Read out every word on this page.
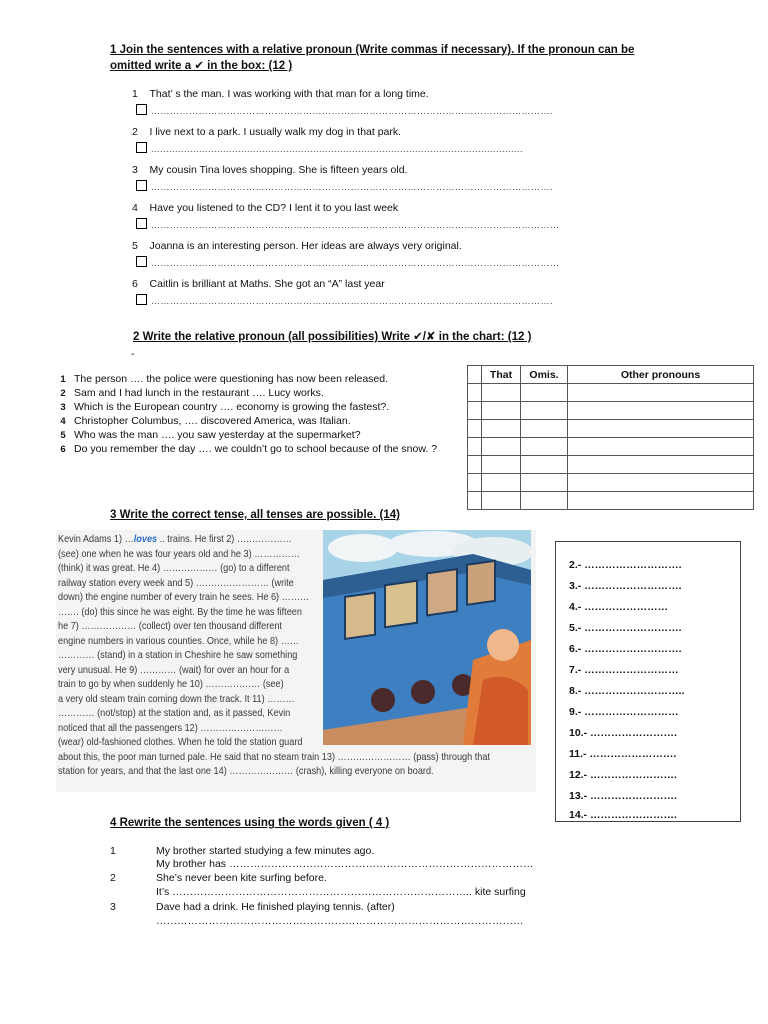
1 Join the sentences with a relative pronoun (Write commas if necessary). If the pronoun can be
omitted write a ✔ in the box: (12 )
1 That’ s the man. I was working with that man for a long time.
……………………………………………………………………………………………………………….
2 I live next to a park. I usually walk my dog in that park.
............................................................................................................................
3 My cousin Tina loves shopping. She is fifteen years old.
……………………………………………………………………………………………………………….
4 Have you listened to the CD? I lent it to you last week
…………………………………………………………………………………………………………………
5 Joanna is an interesting person. Her ideas are always very original.
…………………………………………………………………………………………………………………
6 Caitlin is brilliant at Maths. She got an “A” last year
……………………………………………………………………………………………………………….
2 Write the relative pronoun (all possibilities) Write ✔/✘ in the chart: (12 )
-
1 The person …. the police were questioning has now been released.
2 Sam and I had lunch in the restaurant …. Lucy works.
3 Which is the European country …. economy is growing the fastest?.
4 Christopher Columbus, …. discovered America, was Italian.
5 Who was the man …. you saw yesterday at the supermarket?
6 Do you remember the day …. we couldn’t go to school because of the snow. ?
	That	Omis.	Other pronouns

3 Write the correct tense, all tenses are possible. (14)
Kevin Adams 1) …loves .. trains. He first 2) ………………
(see) one when he was four years old and he 3) ……………
(think) it was great. He 4) ……………… (go) to a different
railway station every week and 5) …………………… (write
down) the engine number of every train he sees. He 6) ………
……. (do) this since he was eight. By the time he was fifteen
he 7) ……………… (collect) over ten thousand different
engine numbers in various counties. Once, while he 8) ……
………… (stand) in a station in Cheshire he saw something
very unusual. He 9) ………… (wait) for over an hour for a
train to go by when suddenly he 10) ……………… (see)
a very old steam train coming down the track. It 11) ………
………… (not/stop) at the station and, as it passed, Kevin
noticed that all the passengers 12) ………………………
(wear) old-fashioned clothes. When he told the station guard
about this, the poor man turned pale. He said that no steam train 13) …………………… (pass) through that
station for years, and that the last one 14) ………………… (crash), killing everyone on board.
2.- ……………………….
3.- ……………………….
4.- ……………………
5.- ……………………….
6.- ……………………….
7.- ………………………
8.- ………………………..
9.- ………………………
10.- …………………….
11.- …………………….
12.- …………………….
13.- …………………….
14.- …………………….
4 Rewrite the sentences using the words given ( 4 )
1	My brother started studying a few minutes ago.
My brother has ……………………………………………………………………………
2	She’s never been kite surfing before.
It’s ………………………………………………………………………….. kite surfing
3	Dave had a drink. He finished playing tennis. (after)
……………………………………………………………………………………………
